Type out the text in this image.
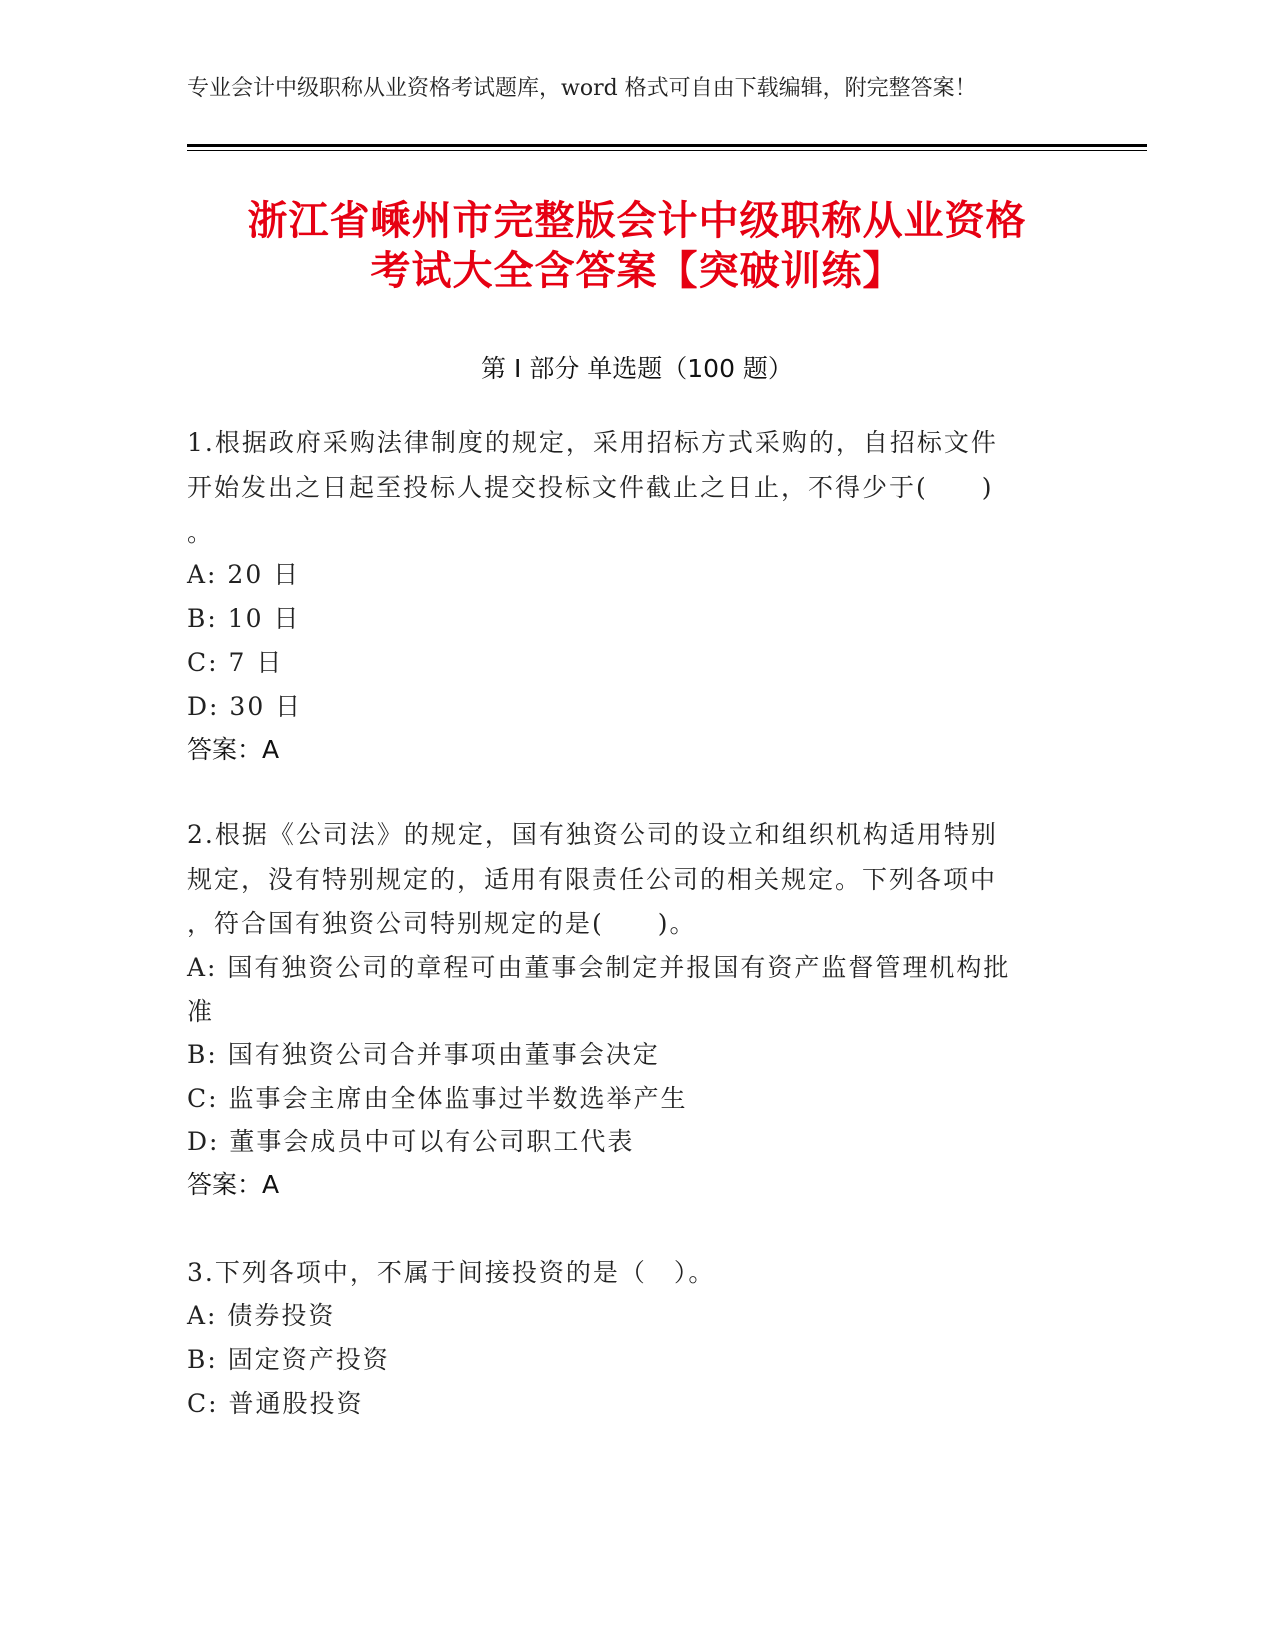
专业会计中级职称从业资格考试题库，word 格式可自由下载编辑，附完整答案！
浙江省嵊州市完整版会计中级职称从业资格
考试大全含答案【突破训练】
第 I 部分 单选题（100 题）
1.根据政府采购法律制度的规定，采用招标方式采购的，自招标文件
开始发出之日起至投标人提交投标文件截止之日止，不得少于(　　)
。
A: 20 日
B: 10 日
C: 7 日
D: 30 日
答案：A
2.根据《公司法》的规定，国有独资公司的设立和组织机构适用特别
规定，没有特别规定的，适用有限责任公司的相关规定。下列各项中
，符合国有独资公司特别规定的是(　　)。
A: 国有独资公司的章程可由董事会制定并报国有资产监督管理机构批
准
B: 国有独资公司合并事项由董事会决定
C: 监事会主席由全体监事过半数选举产生
D: 董事会成员中可以有公司职工代表
答案：A
3.下列各项中，不属于间接投资的是（　）。
A: 债券投资
B: 固定资产投资
C: 普通股投资
